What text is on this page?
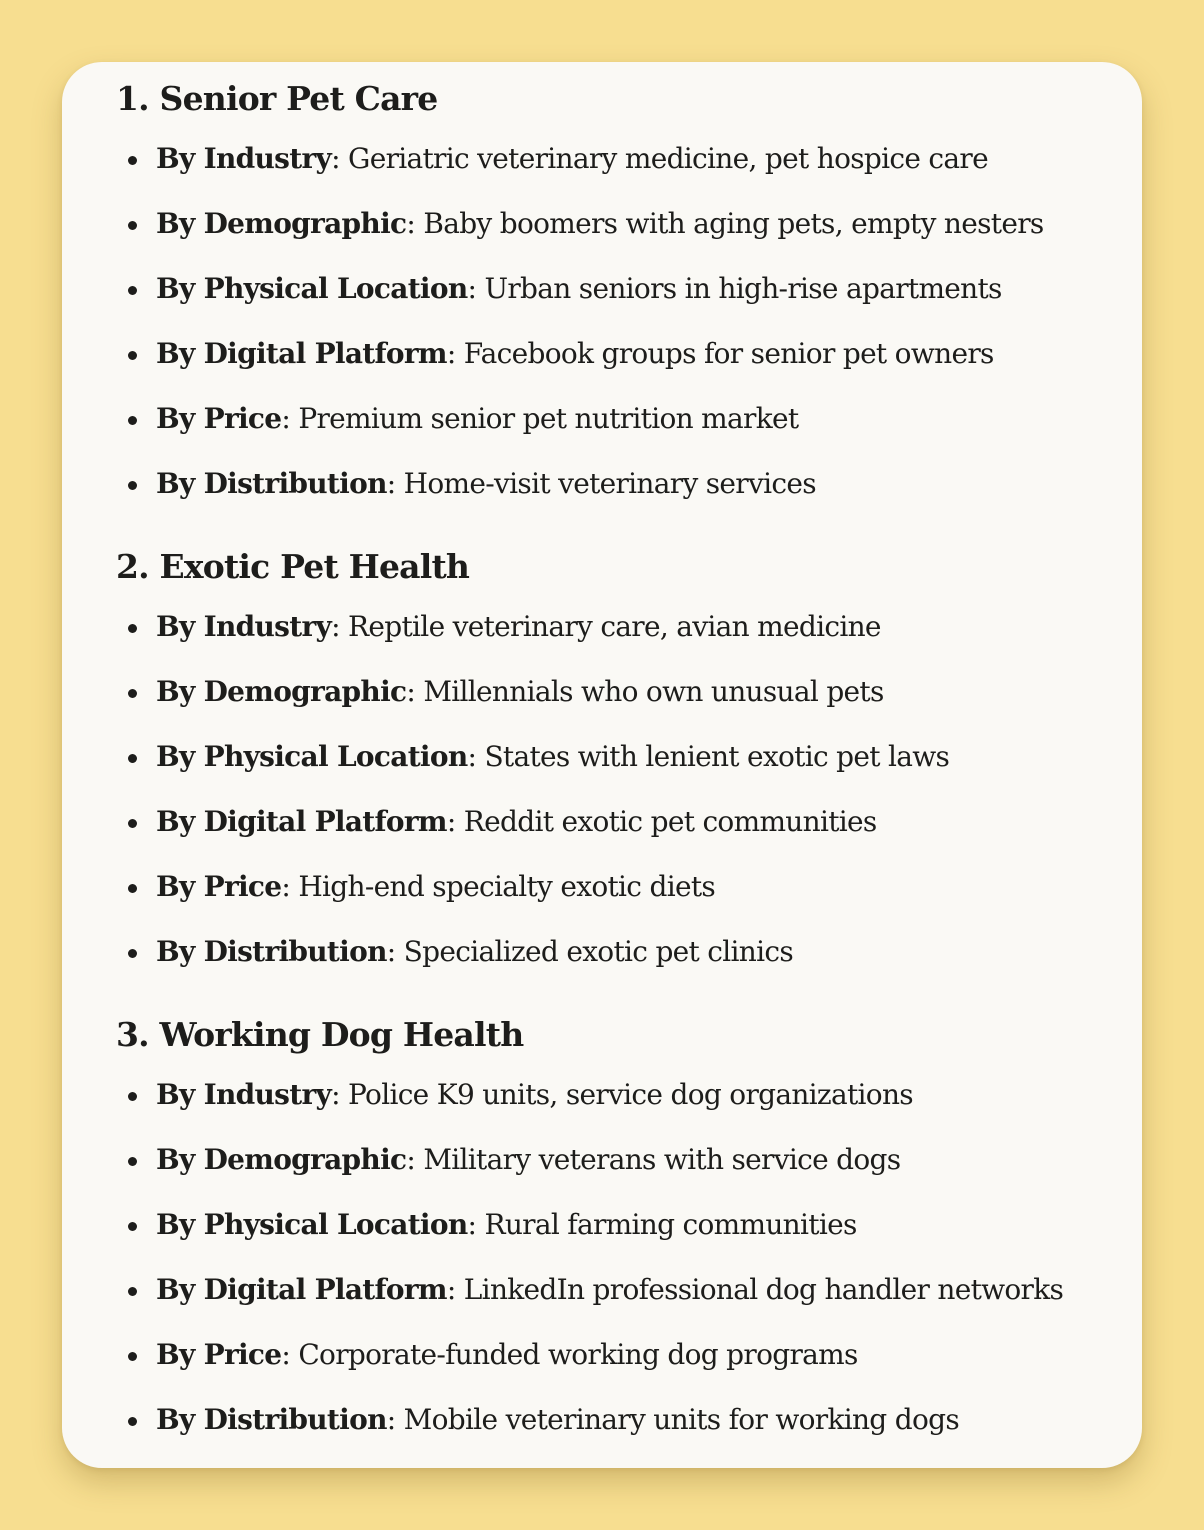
1. Senior Pet Care
By Industry: Geriatric veterinary medicine, pet hospice care
By Demographic: Baby boomers with aging pets, empty nesters
By Physical Location: Urban seniors in high-rise apartments
By Digital Platform: Facebook groups for senior pet owners
By Price: Premium senior pet nutrition market
By Distribution: Home-visit veterinary services
2. Exotic Pet Health
By Industry: Reptile veterinary care, avian medicine
By Demographic: Millennials who own unusual pets
By Physical Location: States with lenient exotic pet laws
By Digital Platform: Reddit exotic pet communities
By Price: High-end specialty exotic diets
By Distribution: Specialized exotic pet clinics
3. Working Dog Health
By Industry: Police K9 units, service dog organizations
By Demographic: Military veterans with service dogs
By Physical Location: Rural farming communities
By Digital Platform: LinkedIn professional dog handler networks
By Price: Corporate-funded working dog programs
By Distribution: Mobile veterinary units for working dogs
